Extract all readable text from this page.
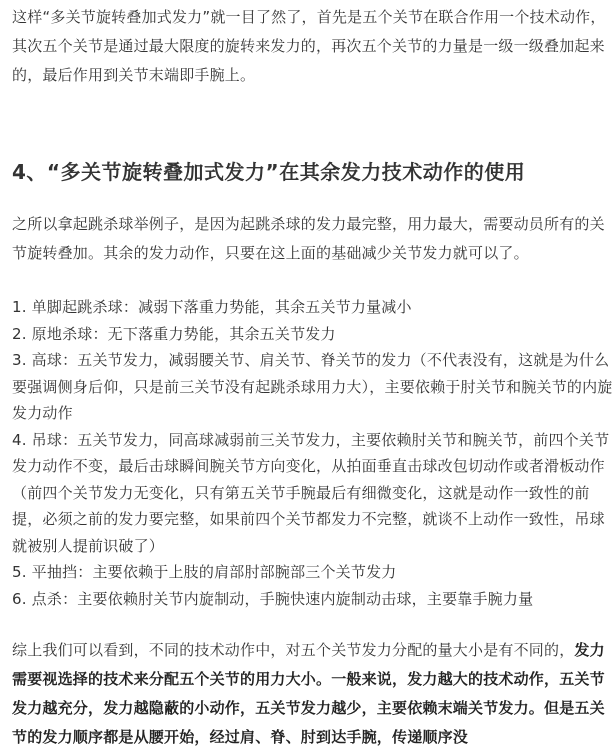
这样“多关节旋转叠加式发力”就一目了然了，首先是五个关节在联合作用一个技术动作，其次五个关节是通过最大限度的旋转来发力的，再次五个关节的力量是一级一级叠加起来的，最后作用到关节末端即手腕上。

4、“多关节旋转叠加式发力”在其余发力技术动作的使用

之所以拿起跳杀球举例子，是因为起跳杀球的发力最完整，用力最大，需要动员所有的关节旋转叠加。其余的发力动作，只要在这上面的基础减少关节发力就可以了。

1. 单脚起跳杀球：减弱下落重力势能，其余五关节力量减小

2. 原地杀球：无下落重力势能，其余五关节发力

3. 高球：五关节发力，减弱腰关节、肩关节、脊关节的发力（不代表没有，这就是为什么要强调侧身后仰，只是前三关节没有起跳杀球用力大），主要依赖于肘关节和腕关节的内旋发力动作

4. 吊球：五关节发力，同高球减弱前三关节发力，主要依赖肘关节和腕关节，前四个关节发力动作不变，最后击球瞬间腕关节方向变化，从拍面垂直击球改包切动作或者滑板动作（前四个关节发力无变化，只有第五关节手腕最后有细微变化，这就是动作一致性的前提，必须之前的发力要完整，如果前四个关节都发力不完整，就谈不上动作一致性，吊球就被别人提前识破了）

5. 平抽挡：主要依赖于上肢的肩部肘部腕部三个关节发力

6. 点杀：主要依赖肘关节内旋制动，手腕快速内旋制动击球，主要靠手腕力量

综上我们可以看到，不同的技术动作中，对五个关节发力分配的量大小是有不同的，发力需要视选择的技术来分配五个关节的用力大小。一般来说，发力越大的技术动作，五关节发力越充分，发力越隐蔽的小动作，五关节发力越少，主要依赖末端关节发力。但是五关节的发力顺序都是从腰开始，经过肩、脊、肘到达手腕，传递顺序没
